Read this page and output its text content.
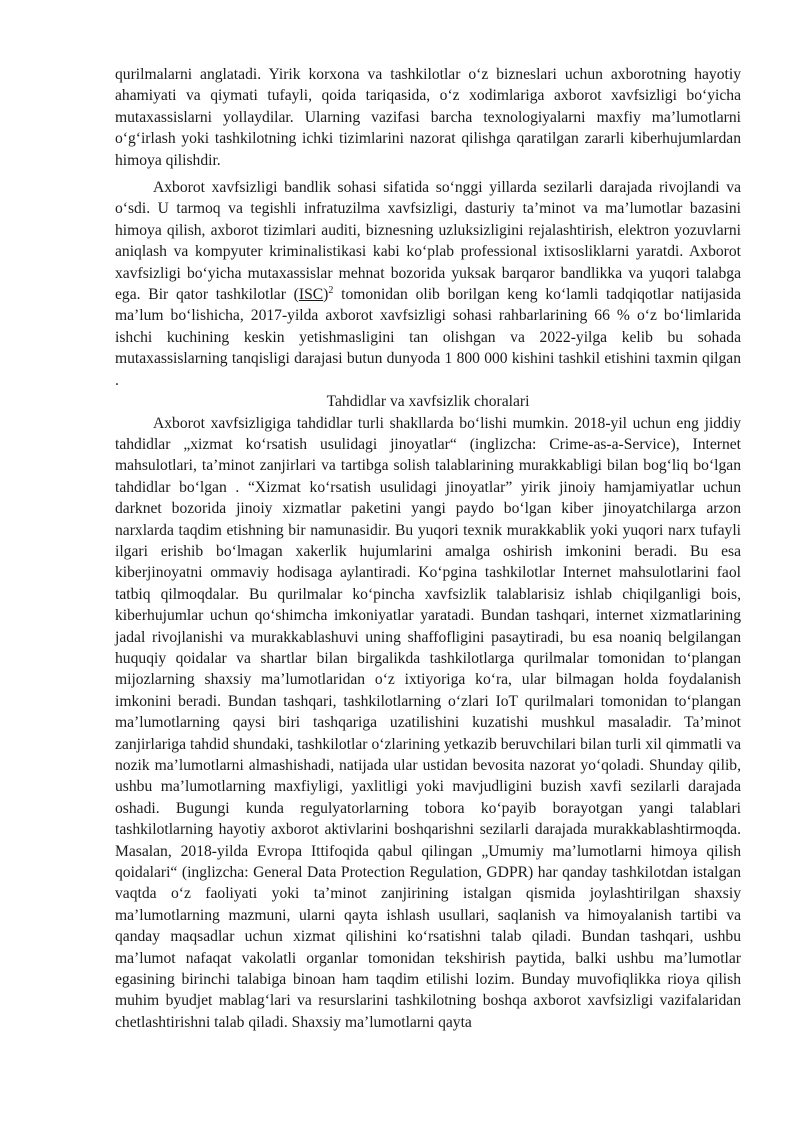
qurilmalarni anglatadi. Yirik korxona va tashkilotlar oʻz bizneslari uchun axborotning hayotiy ahamiyati va qiymati tufayli, qoida tariqasida, oʻz xodimlariga axborot xavfsizligi boʻyicha mutaxassislarni yollaydilar. Ularning vazifasi barcha texnologiyalarni maxfiy maʼlumotlarni oʻgʻirlash yoki tashkilotning ichki tizimlarini nazorat qilishga qaratilgan zararli kiberhujumlardan himoya qilishdir.

Axborot xavfsizligi bandlik sohasi sifatida soʻnggi yillarda sezilarli darajada rivojlandi va oʻsdi. U tarmoq va tegishli infratuzilma xavfsizligi, dasturiy taʼminot va maʼlumotlar bazasini himoya qilish, axborot tizimlari auditi, biznesning uzluksizligini rejalashtirish, elektron yozuvlarni aniqlash va kompyuter kriminalistikasi kabi koʻplab professional ixtisosliklarni yaratdi. Axborot xavfsizligi boʻyicha mutaxassislar mehnat bozorida yuksak barqaror bandlikka va yuqori talabga ega. Bir qator tashkilotlar (ISC)$^2$ tomonidan olib borilgan keng koʻlamli tadqiqotlar natijasida maʼlum boʻlishicha, 2017-yilda axborot xavfsizligi sohasi rahbarlarining 66 % oʻz boʻlimlarida ishchi kuchining keskin yetishmasligini tan olishgan va 2022-yilga kelib bu sohada mutaxassislarning tanqisligi darajasi butun dunyoda 1 800 000 kishini tashkil etishini taxmin qilgan .

Tahdidlar va xavfsizlik choralari

Axborot xavfsizligiga tahdidlar turli shakllarda boʻlishi mumkin. 2018-yil uchun eng jiddiy tahdidlar „xizmat koʻrsatish usulidagi jinoyatlar“ (inglizcha: Crime-as-a-Service), Internet mahsulotlari, taʼminot zanjirlari va tartibga solish talablarining murakkabligi bilan bogʻliq boʻlgan tahdidlar boʻlgan . “Xizmat koʻrsatish usulidagi jinoyatlar” yirik jinoiy hamjamiyatlar uchun darknet bozorida jinoiy xizmatlar paketini yangi paydo boʻlgan kiber jinoyatchilarga arzon narxlarda taqdim etishning bir namunasidir. Bu yuqori texnik murakkablik yoki yuqori narx tufayli ilgari erishib boʻlmagan xakerlik hujumlarini amalga oshirish imkonini beradi. Bu esa kiberjinoyatni ommaviy hodisaga aylantiradi. Koʻpgina tashkilotlar Internet mahsulotlarini faol tatbiq qilmoqdalar. Bu qurilmalar koʻpincha xavfsizlik talablarisiz ishlab chiqilganligi bois, kiberhujumlar uchun qoʻshimcha imkoniyatlar yaratadi. Bundan tashqari, internet xizmatlarining jadal rivojlanishi va murakkablashuvi uning shaffofligini pasaytiradi, bu esa noaniq belgilangan huquqiy qoidalar va shartlar bilan birgalikda tashkilotlarga qurilmalar tomonidan toʻplangan mijozlarning shaxsiy maʼlumotlaridan oʻz ixtiyoriga koʻra, ular bilmagan holda foydalanish imkonini beradi. Bundan tashqari, tashkilotlarning oʻzlari IoT qurilmalari tomonidan toʻplangan maʼlumotlarning qaysi biri tashqariga uzatilishini kuzatishi mushkul masaladir. Taʼminot zanjirlariga tahdid shundaki, tashkilotlar oʻzlarining yetkazib beruvchilari bilan turli xil qimmatli va nozik maʼlumotlarni almashishadi, natijada ular ustidan bevosita nazorat yoʻqoladi. Shunday qilib, ushbu maʼlumotlarning maxfiyligi, yaxlitligi yoki mavjudligini buzish xavfi sezilarli darajada oshadi. Bugungi kunda regulyatorlarning tobora koʻpayib borayotgan yangi talablari tashkilotlarning hayotiy axborot aktivlarini boshqarishni sezilarli darajada murakkablashtirmoqda. Masalan, 2018-yilda Evropa Ittifoqida qabul qilingan „Umumiy maʼlumotlarni himoya qilish qoidalari“ (inglizcha: General Data Protection Regulation, GDPR) har qanday tashkilotdan istalgan vaqtda oʻz faoliyati yoki taʼminot zanjirining istalgan qismida joylashtirilgan shaxsiy maʼlumotlarning mazmuni, ularni qayta ishlash usullari, saqlanish va himoyalanish tartibi va qanday maqsadlar uchun xizmat qilishini koʻrsatishni talab qiladi. Bundan tashqari, ushbu maʼlumot nafaqat vakolatli organlar tomonidan tekshirish paytida, balki ushbu maʼlumotlar egasining birinchi talabiga binoan ham taqdim etilishi lozim. Bunday muvofiqlikka rioya qilish muhim byudjet mablagʻlari va resurslarini tashkilotning boshqa axborot xavfsizligi vazifalaridan chetlashtirishni talab qiladi. Shaxsiy maʼlumotlarni qayta
